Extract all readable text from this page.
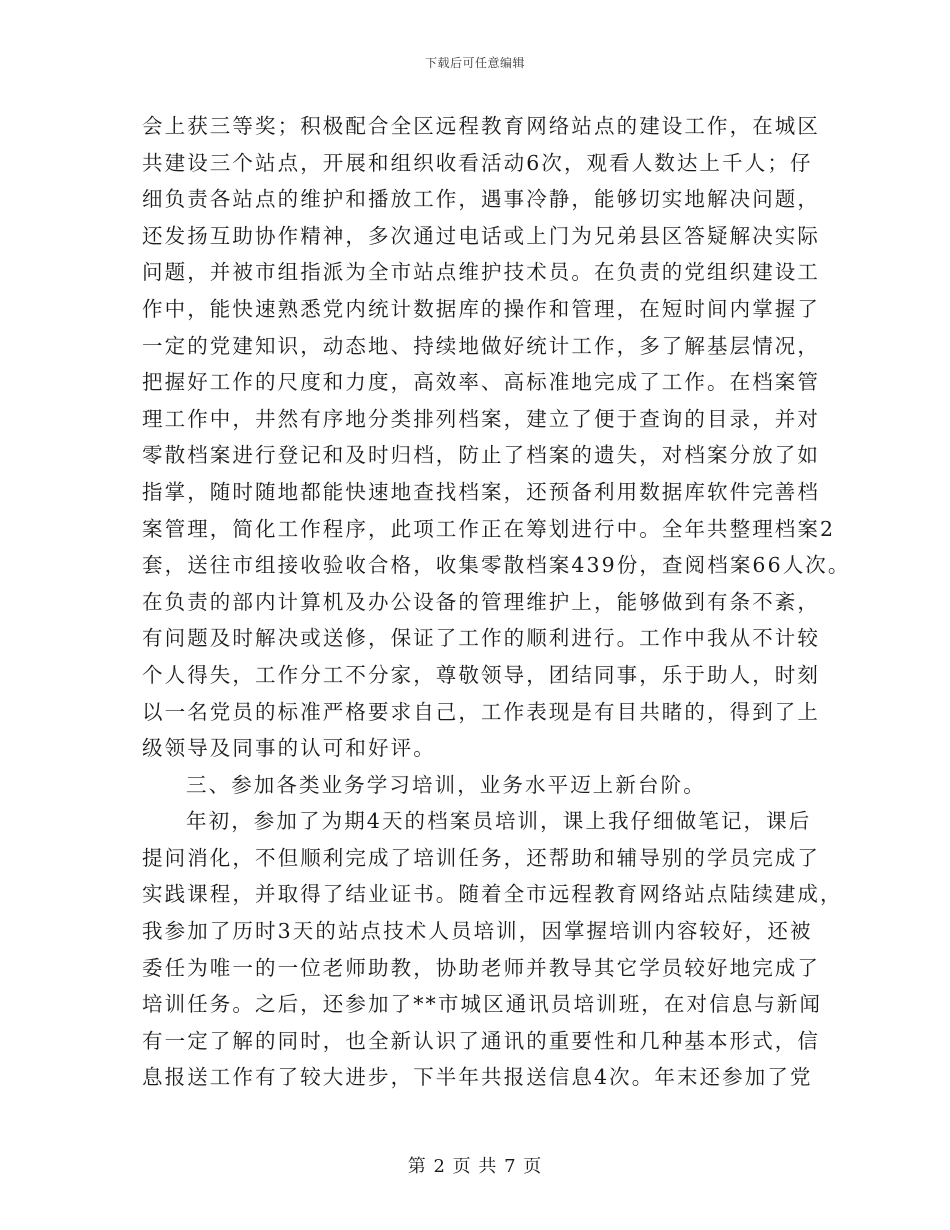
下载后可任意编辑
会上获三等奖；积极配合全区远程教育网络站点的建设工作，在城区
共建设三个站点，开展和组织收看活动6次，观看人数达上千人；仔
细负责各站点的维护和播放工作，遇事冷静，能够切实地解决问题，
还发扬互助协作精神，多次通过电话或上门为兄弟县区答疑解决实际
问题，并被市组指派为全市站点维护技术员。在负责的党组织建设工
作中，能快速熟悉党内统计数据库的操作和管理，在短时间内掌握了
一定的党建知识，动态地、持续地做好统计工作，多了解基层情况，
把握好工作的尺度和力度，高效率、高标准地完成了工作。在档案管
理工作中，井然有序地分类排列档案，建立了便于查询的目录，并对
零散档案进行登记和及时归档，防止了档案的遗失，对档案分放了如
指掌，随时随地都能快速地查找档案，还预备利用数据库软件完善档
案管理，简化工作程序，此项工作正在筹划进行中。全年共整理档案2
套，送往市组接收验收合格，收集零散档案439份，查阅档案66人次。
在负责的部内计算机及办公设备的管理维护上，能够做到有条不紊，
有问题及时解决或送修，保证了工作的顺利进行。工作中我从不计较
个人得失，工作分工不分家，尊敬领导，团结同事，乐于助人，时刻
以一名党员的标准严格要求自己，工作表现是有目共睹的，得到了上
级领导及同事的认可和好评。
三、参加各类业务学习培训，业务水平迈上新台阶。
年初，参加了为期4天的档案员培训，课上我仔细做笔记，课后
提问消化，不但顺利完成了培训任务，还帮助和辅导别的学员完成了
实践课程，并取得了结业证书。随着全市远程教育网络站点陆续建成，
我参加了历时3天的站点技术人员培训，因掌握培训内容较好，还被
委任为唯一的一位老师助教，协助老师并教导其它学员较好地完成了
培训任务。之后，还参加了**市城区通讯员培训班，在对信息与新闻
有一定了解的同时，也全新认识了通讯的重要性和几种基本形式，信
息报送工作有了较大进步，下半年共报送信息4次。年末还参加了党
第 2 页 共 7 页
